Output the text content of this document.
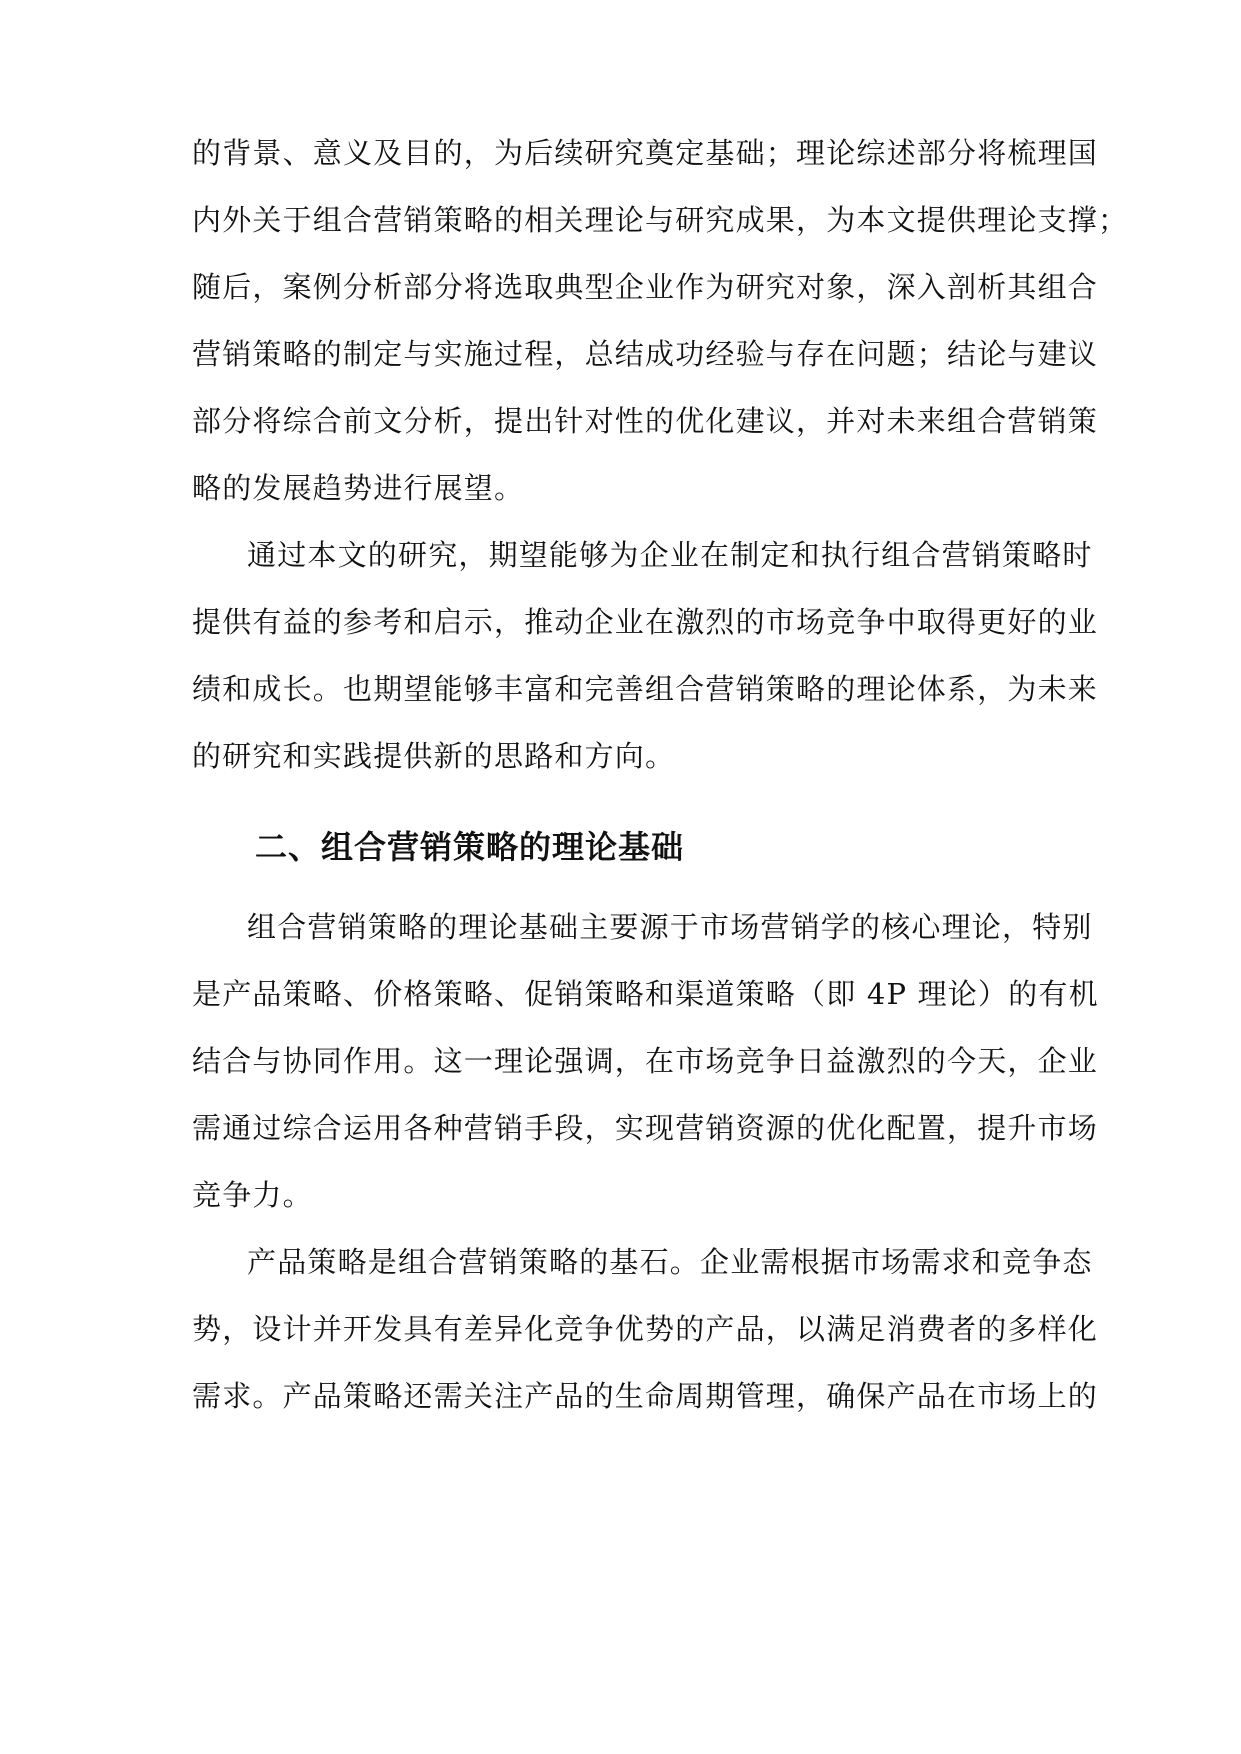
的背景、意义及目的，为后续研究奠定基础；理论综述部分将梳理国
内外关于组合营销策略的相关理论与研究成果，为本文提供理论支撑；
随后，案例分析部分将选取典型企业作为研究对象，深入剖析其组合
营销策略的制定与实施过程，总结成功经验与存在问题；结论与建议
部分将综合前文分析，提出针对性的优化建议，并对未来组合营销策
略的发展趋势进行展望。
通过本文的研究，期望能够为企业在制定和执行组合营销策略时
提供有益的参考和启示，推动企业在激烈的市场竞争中取得更好的业
绩和成长。也期望能够丰富和完善组合营销策略的理论体系，为未来
的研究和实践提供新的思路和方向。
二、组合营销策略的理论基础
组合营销策略的理论基础主要源于市场营销学的核心理论，特别
是产品策略、价格策略、促销策略和渠道策略（即 4P 理论）的有机
结合与协同作用。这一理论强调，在市场竞争日益激烈的今天，企业
需通过综合运用各种营销手段，实现营销资源的优化配置，提升市场
竞争力。
产品策略是组合营销策略的基石。企业需根据市场需求和竞争态
势，设计并开发具有差异化竞争优势的产品，以满足消费者的多样化
需求。产品策略还需关注产品的生命周期管理，确保产品在市场上的
